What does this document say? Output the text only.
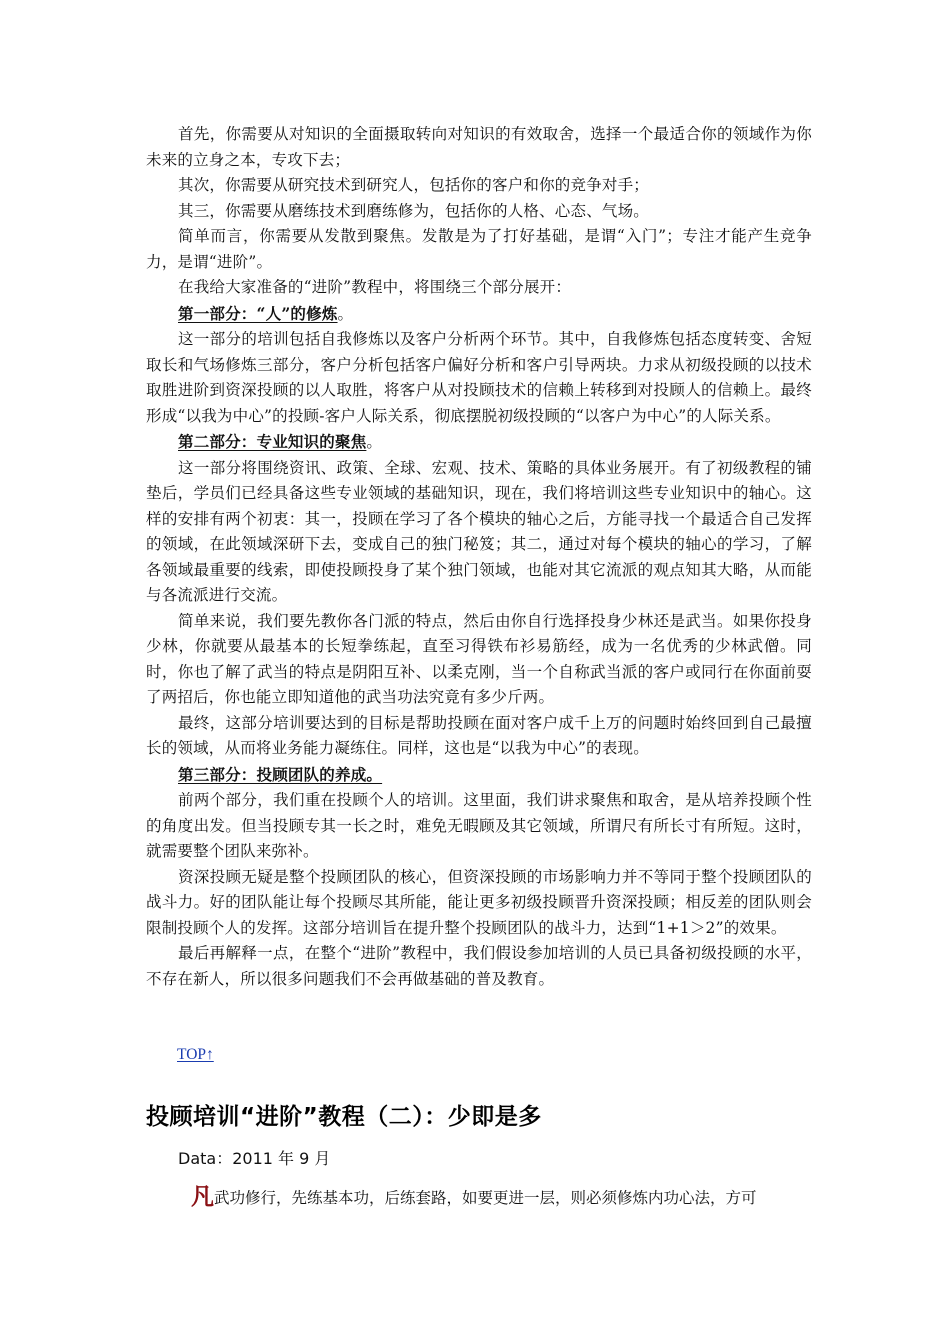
首先，你需要从对知识的全面摄取转向对知识的有效取舍，选择一个最适合你的领域作为你未来的立身之本，专攻下去；

其次，你需要从研究技术到研究人，包括你的客户和你的竞争对手；

其三，你需要从磨练技术到磨练修为，包括你的人格、心态、气场。

简单而言，你需要从发散到聚焦。发散是为了打好基础，是谓“入门”；专注才能产生竞争力，是谓“进阶”。

在我给大家准备的“进阶”教程中，将围绕三个部分展开：

第一部分：“人”的修炼。

这一部分的培训包括自我修炼以及客户分析两个环节。其中，自我修炼包括态度转变、舍短取长和气场修炼三部分，客户分析包括客户偏好分析和客户引导两块。力求从初级投顾的以技术取胜进阶到资深投顾的以人取胜，将客户从对投顾技术的信赖上转移到对投顾人的信赖上。最终形成“以我为中心”的投顾-客户人际关系，彻底摆脱初级投顾的“以客户为中心”的人际关系。

第二部分：专业知识的聚焦。

这一部分将围绕资讯、政策、全球、宏观、技术、策略的具体业务展开。有了初级教程的铺垫后，学员们已经具备这些专业领域的基础知识，现在，我们将培训这些专业知识中的轴心。这样的安排有两个初衷：其一，投顾在学习了各个模块的轴心之后，方能寻找一个最适合自己发挥的领域，在此领域深研下去，变成自己的独门秘笈；其二，通过对每个模块的轴心的学习，了解各领域最重要的线索，即使投顾投身了某个独门领域，也能对其它流派的观点知其大略，从而能与各流派进行交流。

简单来说，我们要先教你各门派的特点，然后由你自行选择投身少林还是武当。如果你投身少林，你就要从最基本的长短拳练起，直至习得铁布衫易筋经，成为一名优秀的少林武僧。同时，你也了解了武当的特点是阴阳互补、以柔克刚，当一个自称武当派的客户或同行在你面前耍了两招后，你也能立即知道他的武当功法究竟有多少斤两。

最终，这部分培训要达到的目标是帮助投顾在面对客户成千上万的问题时始终回到自己最擅长的领域，从而将业务能力凝练住。同样，这也是“以我为中心”的表现。

第三部分：投顾团队的养成。

前两个部分，我们重在投顾个人的培训。这里面，我们讲求聚焦和取舍，是从培养投顾个性的角度出发。但当投顾专其一长之时，难免无暇顾及其它领域，所谓尺有所长寸有所短。这时，就需要整个团队来弥补。

资深投顾无疑是整个投顾团队的核心，但资深投顾的市场影响力并不等同于整个投顾团队的战斗力。好的团队能让每个投顾尽其所能，能让更多初级投顾晋升资深投顾；相反差的团队则会限制投顾个人的发挥。这部分培训旨在提升整个投顾团队的战斗力，达到“1+1＞2”的效果。

最后再解释一点，在整个“进阶”教程中，我们假设参加培训的人员已具备初级投顾的水平，不存在新人，所以很多问题我们不会再做基础的普及教育。

TOP↑
投顾培训“进阶”教程（二）：少即是多
Data：2011 年 9 月
凡武功修行，先练基本功，后练套路，如要更进一层，则必须修炼内功心法，方可
